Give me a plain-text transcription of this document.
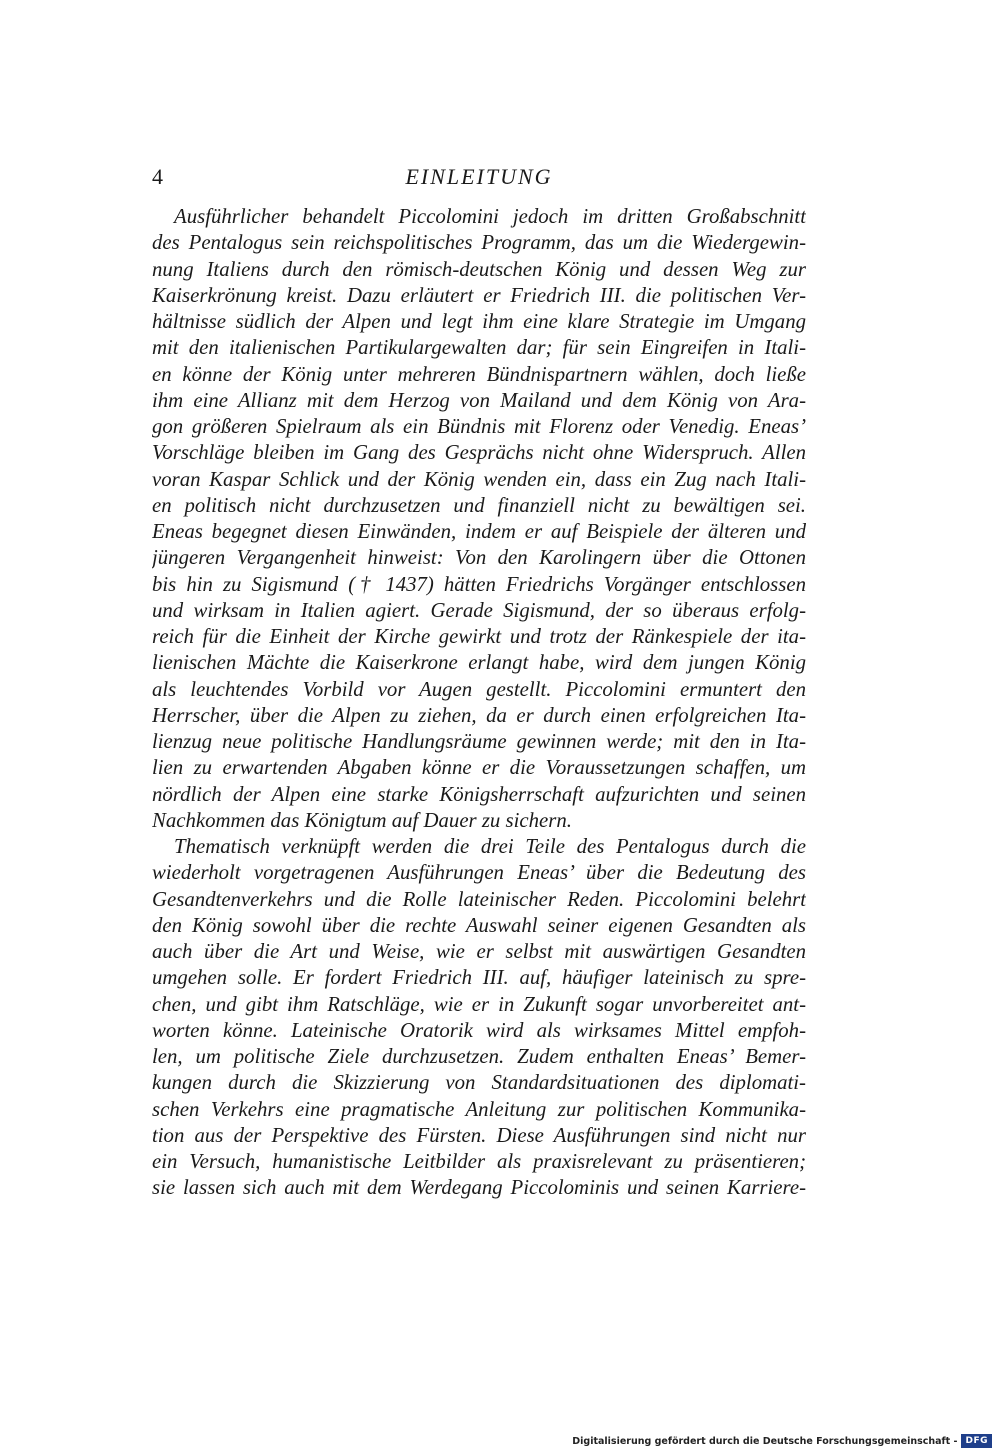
4	EINLEITUNG
Ausführlicher behandelt Piccolomini jedoch im dritten Großabschnitt
des Pentalogus sein reichspolitisches Programm, das um die Wiedergewin-
nung Italiens durch den römisch-deutschen König und dessen Weg zur
Kaiserkrönung kreist. Dazu erläutert er Friedrich III. die politischen Ver-
hältnisse südlich der Alpen und legt ihm eine klare Strategie im Umgang
mit den italienischen Partikulargewalten dar; für sein Eingreifen in Itali-
en könne der König unter mehreren Bündnispartnern wählen, doch ließe
ihm eine Allianz mit dem Herzog von Mailand und dem König von Ara-
gon größeren Spielraum als ein Bündnis mit Florenz oder Venedig. Eneas’
Vorschläge bleiben im Gang des Gesprächs nicht ohne Widerspruch. Allen
voran Kaspar Schlick und der König wenden ein, dass ein Zug nach Itali-
en politisch nicht durchzusetzen und finanziell nicht zu bewältigen sei.
Eneas begegnet diesen Einwänden, indem er auf Beispiele der älteren und
jüngeren Vergangenheit hinweist: Von den Karolingern über die Ottonen
bis hin zu Sigismund († 1437) hätten Friedrichs Vorgänger entschlossen
und wirksam in Italien agiert. Gerade Sigismund, der so überaus erfolg-
reich für die Einheit der Kirche gewirkt und trotz der Ränkespiele der ita-
lienischen Mächte die Kaiserkrone erlangt habe, wird dem jungen König
als leuchtendes Vorbild vor Augen gestellt. Piccolomini ermuntert den
Herrscher, über die Alpen zu ziehen, da er durch einen erfolgreichen Ita-
lienzug neue politische Handlungsräume gewinnen werde; mit den in Ita-
lien zu erwartenden Abgaben könne er die Voraussetzungen schaffen, um
nördlich der Alpen eine starke Königsherrschaft aufzurichten und seinen
Nachkommen das Königtum auf Dauer zu sichern.
Thematisch verknüpft werden die drei Teile des Pentalogus durch die
wiederholt vorgetragenen Ausführungen Eneas’ über die Bedeutung des
Gesandtenverkehrs und die Rolle lateinischer Reden. Piccolomini belehrt
den König sowohl über die rechte Auswahl seiner eigenen Gesandten als
auch über die Art und Weise, wie er selbst mit auswärtigen Gesandten
umgehen solle. Er fordert Friedrich III. auf, häufiger lateinisch zu spre-
chen, und gibt ihm Ratschläge, wie er in Zukunft sogar unvorbereitet ant-
worten könne. Lateinische Oratorik wird als wirksames Mittel empfoh-
len, um politische Ziele durchzusetzen. Zudem enthalten Eneas’ Bemer-
kungen durch die Skizzierung von Standardsituationen des diplomati-
schen Verkehrs eine pragmatische Anleitung zur politischen Kommunika-
tion aus der Perspektive des Fürsten. Diese Ausführungen sind nicht nur
ein Versuch, humanistische Leitbilder als praxisrelevant zu präsentieren;
sie lassen sich auch mit dem Werdegang Piccolominis und seinen Karriere-
Digitalisierung gefördert durch die Deutsche Forschungsgemeinschaft - DFG
